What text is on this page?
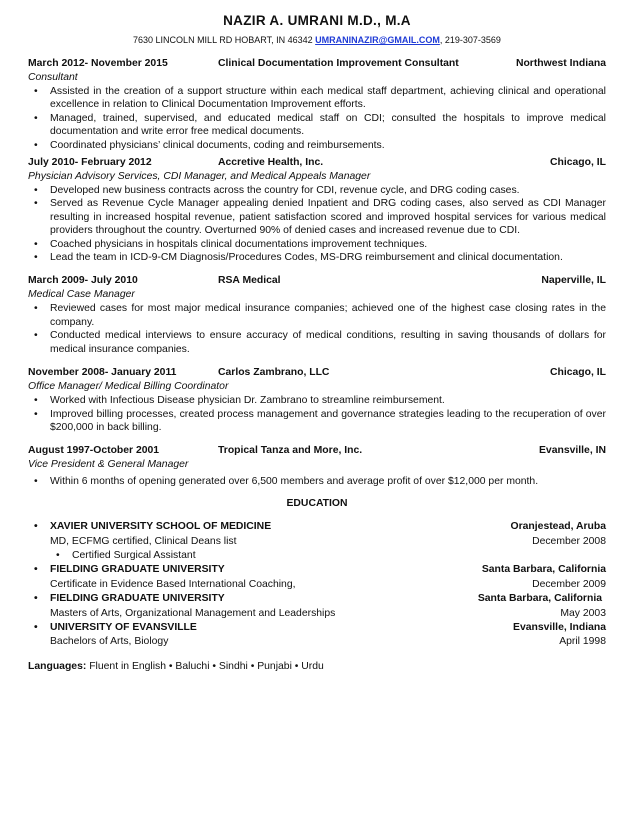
NAZIR A. UMRANI M.D., M.A
7630 LINCOLN MILL RD HOBART, IN 46342 UMRANINAZIR@GMAIL.COM, 219-307-3569
March 2012- November 2015	Clinical Documentation Improvement Consultant	Northwest Indiana
Consultant
• Assisted in the creation of a support structure within each medical staff department, achieving clinical and operational excellence in relation to Clinical Documentation Improvement efforts.
• Managed, trained, supervised, and educated medical staff on CDI; consulted the hospitals to improve medical documentation and write error free medical documents.
• Coordinated physicians’ clinical documents, coding and reimbursements.
July 2010- February 2012	Accretive Health, Inc.	Chicago, IL
Physician Advisory Services, CDI Manager, and Medical Appeals Manager
• Developed new business contracts across the country for CDI, revenue cycle, and DRG coding cases.
• Served as Revenue Cycle Manager appealing denied Inpatient and DRG coding cases, also served as CDI Manager resulting in increased hospital revenue, patient satisfaction scored and improved hospital services for various medical providers throughout the country. Overturned 90% of denied cases and increased revenue due to CDI.
• Coached physicians in hospitals clinical documentations improvement techniques.
• Lead the team in ICD-9-CM Diagnosis/Procedures Codes, MS-DRG reimbursement and clinical documentation.
March 2009- July 2010	RSA Medical	Naperville, IL
Medical Case Manager
• Reviewed cases for most major medical insurance companies; achieved one of the highest case closing rates in the company.
• Conducted medical interviews to ensure accuracy of medical conditions, resulting in saving thousands of dollars for medical insurance companies.
November 2008- January 2011	Carlos Zambrano, LLC	Chicago, IL
Office Manager/ Medical Billing Coordinator
• Worked with Infectious Disease physician Dr. Zambrano to streamline reimbursement.
• Improved billing processes, created process management and governance strategies leading to the recuperation of over $200,000 in back billing.
August 1997-October 2001	Tropical Tanza and More, Inc.	Evansville, IN
Vice President & General Manager
• Within 6 months of opening generated over 6,500 members and average profit of over $12,000 per month.
EDUCATION
• XAVIER UNIVERSITY SCHOOL OF MEDICINE	Oranjestead, Aruba
MD, ECFMG certified, Clinical Deans list	December 2008
• Certified Surgical Assistant
• FIELDING GRADUATE UNIVERSITY	Santa Barbara, California
Certificate in Evidence Based International Coaching,	December 2009
• FIELDING GRADUATE UNIVERSITY	Santa Barbara, California
Masters of Arts, Organizational Management and Leaderships	May 2003
• UNIVERSITY OF EVANSVILLE	Evansville, Indiana
Bachelors of Arts, Biology	April 1998
Languages: Fluent in English • Baluchi • Sindhi • Punjabi • Urdu
